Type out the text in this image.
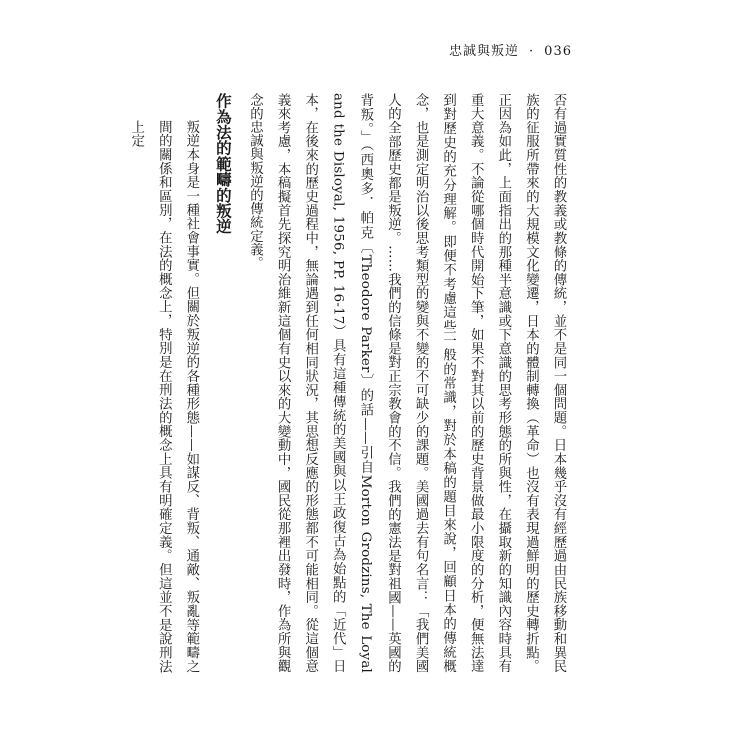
忠誠與叛逆 · 036

否有過實質性的教義或教條的傳統，並不是同一個問題。日本幾乎沒有經歷過由民族移動和異民族的征服所帶來的大規模文化變遷，日本的體制轉換（革命）也沒有表現過鮮明的歷史轉折點。正因為如此，上面指出的那種半意識或下意識的思考形態的所與性，在攝取新的知識內容時具有重大意義。不論從哪個時代開始下筆，如果不對其以前的歷史背景做最小限度的分析，便無法達到對歷史的充分理解。即便不考慮這些一般的常識，對於本稿的題目來說，回顧日本的傳統概念，也是測定明治以後思考類型的變與不變的不可缺少的課題。美國過去有句名言：「我們美國人的全部歷史都是叛逆。……我們的信條是對正宗教會的不信。我們的憲法是對祖國——英國的背叛。」（西奧多．帕克〔Theodore Parker〕的話——引自Morton Grodzins, The Loyal and the Disloyal, 1956, PP. 16-17）具有這種傳統的美國與以王政復古為始點的「近代」日本，在後來的歷史過程中，無論遇到任何相同狀況，其思想反應的形態都不可能相同。從這個意義來考慮，本稿擬首先探究明治維新這個有史以來的大變動中，國民從那裡出發時，作為所與觀念的忠誠與叛逆的傳統定義。

作為法的範疇的叛逆

叛逆本身是一種社會事實。但關於叛逆的各種形態——如謀反、背叛、通敵、叛亂等範疇之間的關係和區別，在法的概念上，特別是在刑法的概念上具有明確定義。但這並不是說刑法上定
